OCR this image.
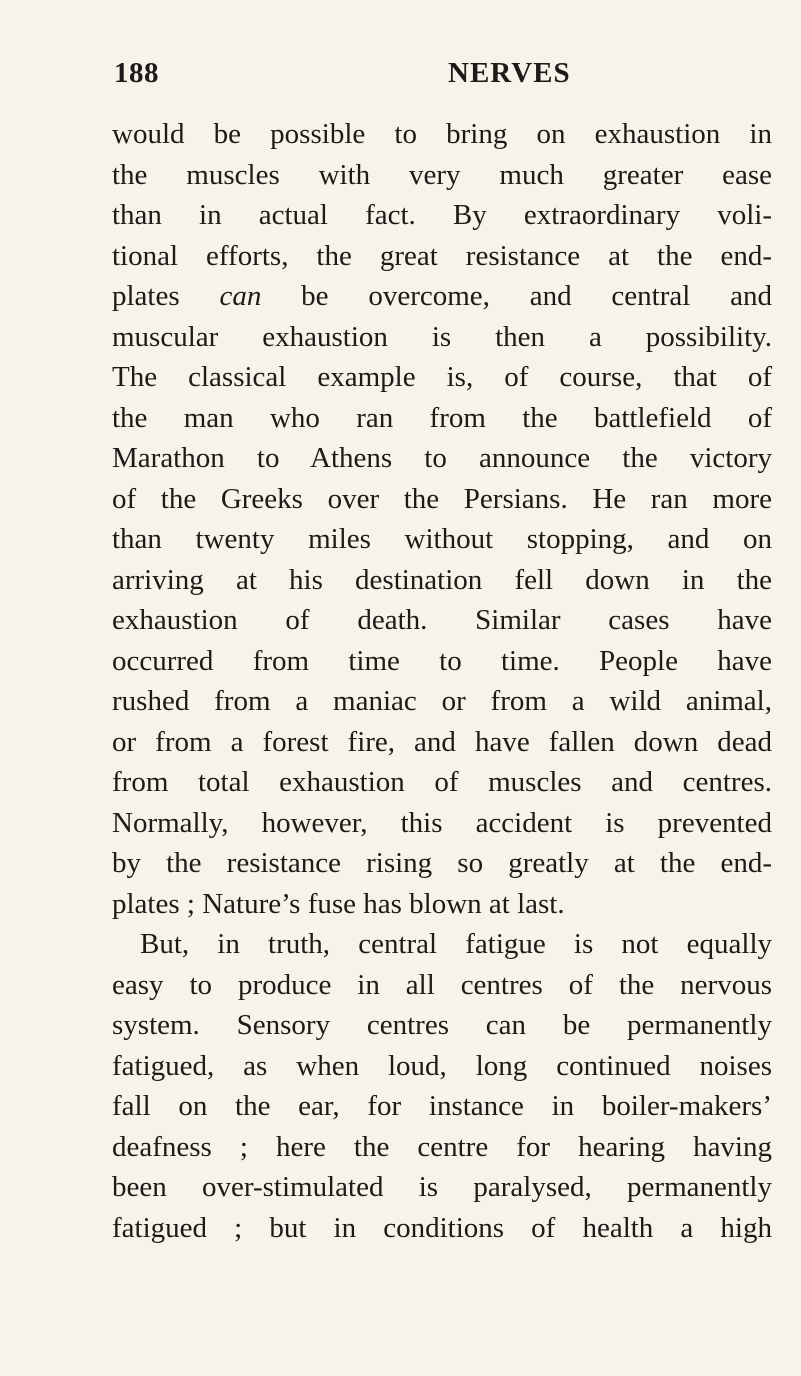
188	NERVES
would be possible to bring on exhaustion in
the muscles with very much greater ease
than in actual fact. By extraordinary voli-
tional efforts, the great resistance at the end-
plates can be overcome, and central and
muscular exhaustion is then a possibility.
The classical example is, of course, that of
the man who ran from the battlefield of
Marathon to Athens to announce the victory
of the Greeks over the Persians. He ran more
than twenty miles without stopping, and on
arriving at his destination fell down in the
exhaustion of death. Similar cases have
occurred from time to time. People have
rushed from a maniac or from a wild animal,
or from a forest fire, and have fallen down dead
from total exhaustion of muscles and centres.
Normally, however, this accident is prevented
by the resistance rising so greatly at the end-
plates ; Nature’s fuse has blown at last.
But, in truth, central fatigue is not equally
easy to produce in all centres of the nervous
system. Sensory centres can be permanently
fatigued, as when loud, long continued noises
fall on the ear, for instance in boiler-makers’
deafness ; here the centre for hearing having
been over-stimulated is paralysed, permanently
fatigued ; but in conditions of health a high
